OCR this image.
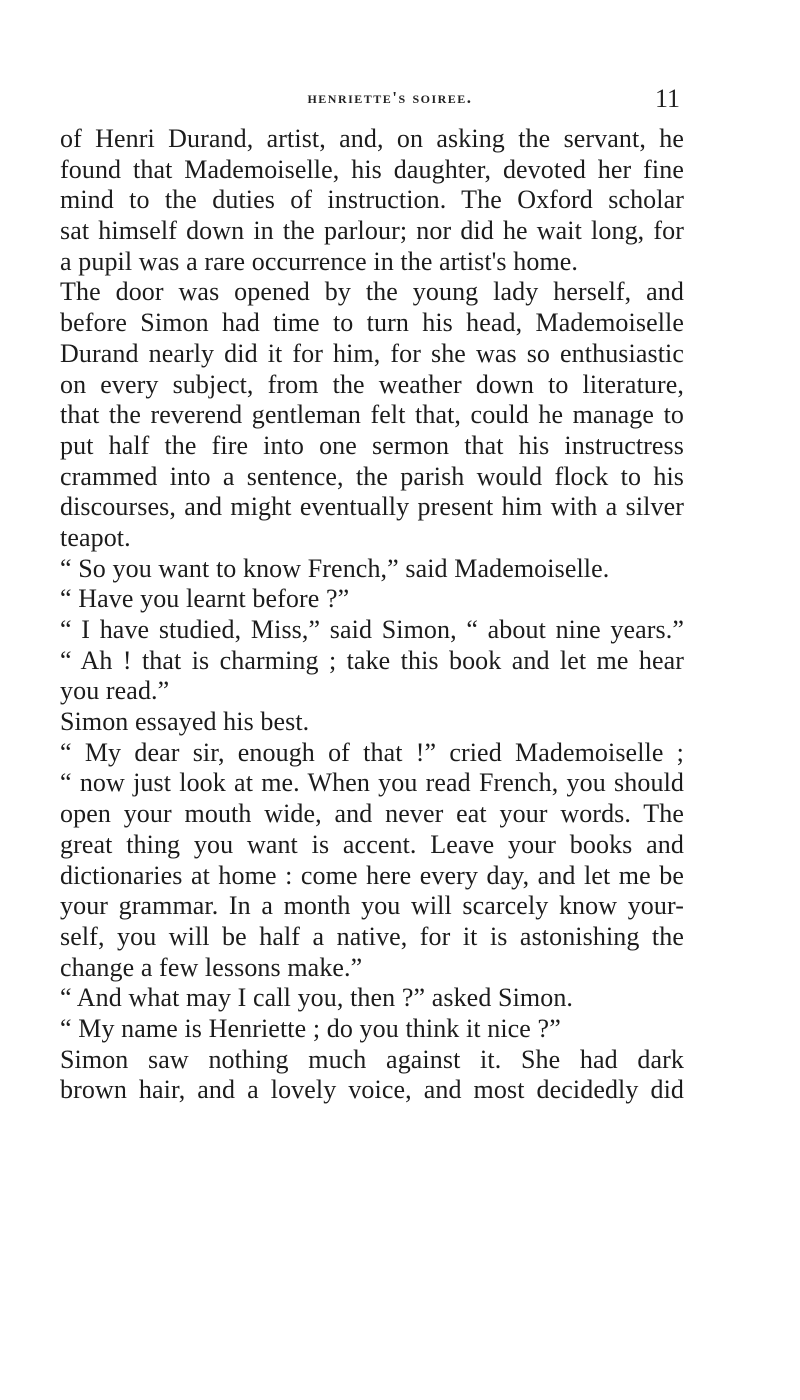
henriette's soiree.	11
of Henri Durand, artist, and, on asking the servant, he
found that Mademoiselle, his daughter, devoted her fine
mind to the duties of instruction. The Oxford scholar
sat himself down in the parlour; nor did he wait long, for
a pupil was a rare occurrence in the artist's home.
The door was opened by the young lady herself, and
before Simon had time to turn his head, Mademoiselle
Durand nearly did it for him, for she was so enthusiastic
on every subject, from the weather down to literature,
that the reverend gentleman felt that, could he manage to
put half the fire into one sermon that his instructress
crammed into a sentence, the parish would flock to his
discourses, and might eventually present him with a silver
teapot.
“ So you want to know French,” said Mademoiselle.
“ Have you learnt before ?”
“ I have studied, Miss,” said Simon, “ about nine years.”
“ Ah ! that is charming ; take this book and let me hear
you read.”
Simon essayed his best.
“ My dear sir, enough of that !” cried Mademoiselle ;
“ now just look at me. When you read French, you should
open your mouth wide, and never eat your words. The
great thing you want is accent. Leave your books and
dictionaries at home : come here every day, and let me be
your grammar. In a month you will scarcely know your-
self, you will be half a native, for it is astonishing the
change a few lessons make.”
“ And what may I call you, then ?” asked Simon.
“ My name is Henriette ; do you think it nice ?”
Simon saw nothing much against it. She had dark
brown hair, and a lovely voice, and most decidedly did
